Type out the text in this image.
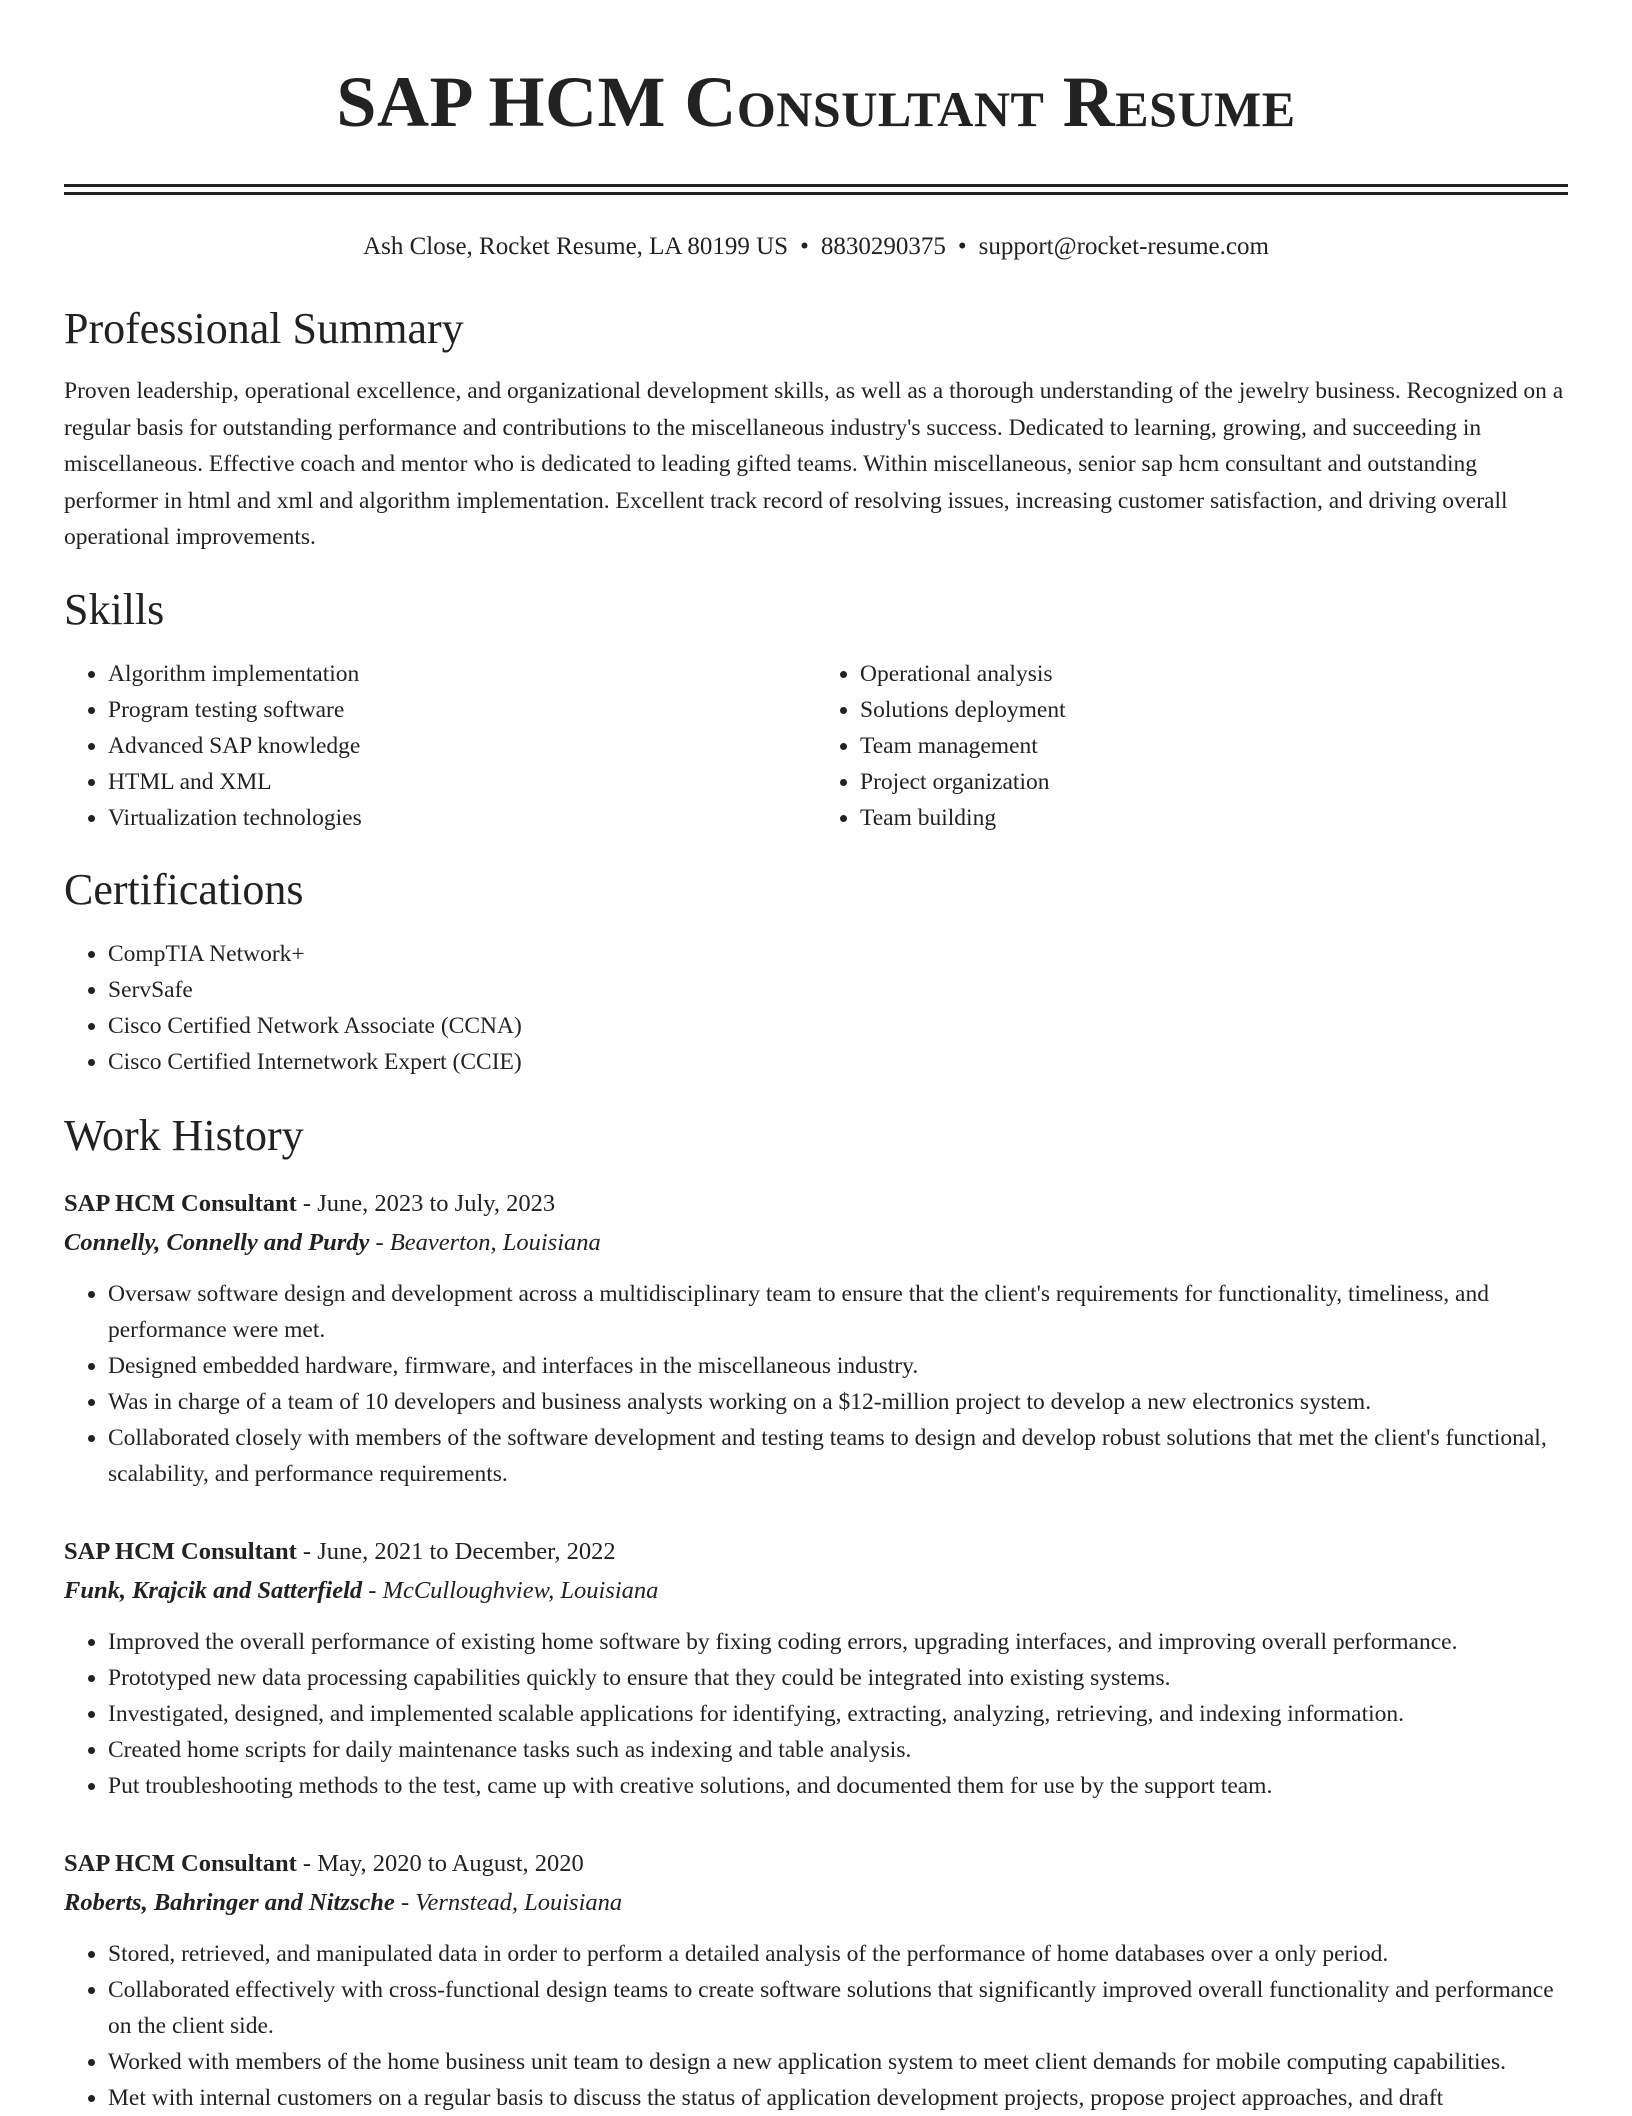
SAP HCM Consultant Resume
Ash Close, Rocket Resume, LA 80199 US • 8830290375 • support@rocket-resume.com
Professional Summary

Proven leadership, operational excellence, and organizational development skills, as well as a thorough understanding of the jewelry business. Recognized on a regular basis for outstanding performance and contributions to the miscellaneous industry's success. Dedicated to learning, growing, and succeeding in miscellaneous. Effective coach and mentor who is dedicated to leading gifted teams. Within miscellaneous, senior sap hcm consultant and outstanding performer in html and xml and algorithm implementation. Excellent track record of resolving issues, increasing customer satisfaction, and driving overall operational improvements.

Skills
• Algorithm implementation
• Program testing software
• Advanced SAP knowledge
• HTML and XML
• Virtualization technologies
• Operational analysis
• Solutions deployment
• Team management
• Project organization
• Team building
Certifications
• CompTIA Network+
• ServSafe
• Cisco Certified Network Associate (CCNA)
• Cisco Certified Internetwork Expert (CCIE)
Work History
SAP HCM Consultant - June, 2023 to July, 2023
Connelly, Connelly and Purdy - Beaverton, Louisiana
• Oversaw software design and development across a multidisciplinary team to ensure that the client's requirements for functionality, timeliness, and performance were met.
• Designed embedded hardware, firmware, and interfaces in the miscellaneous industry.
• Was in charge of a team of 10 developers and business analysts working on a $12-million project to develop a new electronics system.
• Collaborated closely with members of the software development and testing teams to design and develop robust solutions that met the client's functional, scalability, and performance requirements.
SAP HCM Consultant - June, 2021 to December, 2022
Funk, Krajcik and Satterfield - McCulloughview, Louisiana
• Improved the overall performance of existing home software by fixing coding errors, upgrading interfaces, and improving overall performance.
• Prototyped new data processing capabilities quickly to ensure that they could be integrated into existing systems.
• Investigated, designed, and implemented scalable applications for identifying, extracting, analyzing, retrieving, and indexing information.
• Created home scripts for daily maintenance tasks such as indexing and table analysis.
• Put troubleshooting methods to the test, came up with creative solutions, and documented them for use by the support team.
SAP HCM Consultant - May, 2020 to August, 2020
Roberts, Bahringer and Nitzsche - Vernstead, Louisiana
• Stored, retrieved, and manipulated data in order to perform a detailed analysis of the performance of home databases over a only period.
• Collaborated effectively with cross-functional design teams to create software solutions that significantly improved overall functionality and performance on the client side.
• Worked with members of the home business unit team to design a new application system to meet client demands for mobile computing capabilities.
• Met with internal customers on a regular basis to discuss the status of application development projects, propose project approaches, and draft
